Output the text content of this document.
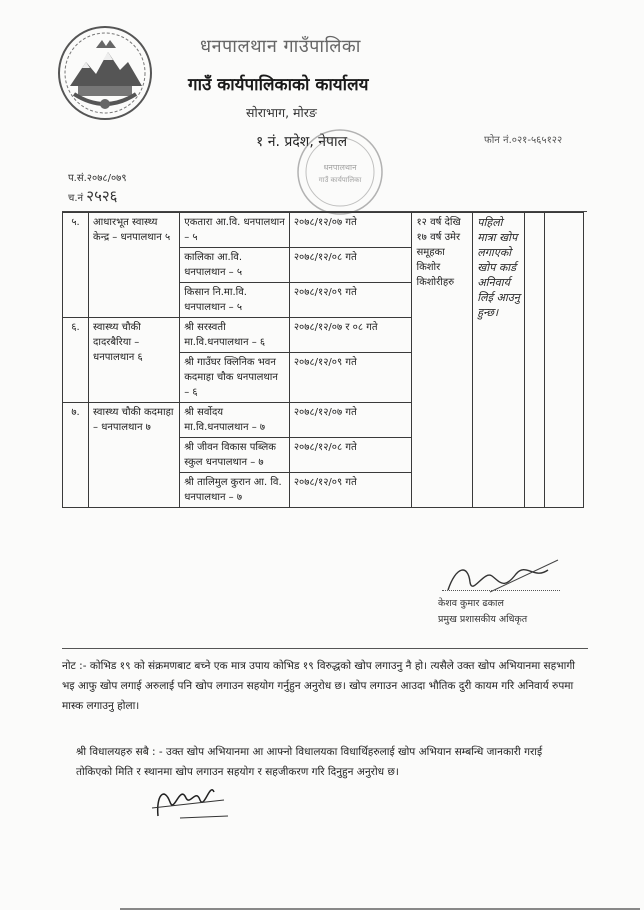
धनपालथान गाउँपालिका
गाउँ कार्यपालिकाको कार्यालय
सोराभाग, मोरङ
१ नं. प्रदेश, नेपाल	फोन नं.०२१-५६५१२२
धनपालथान
गाउँ कार्यपालिका
प.सं.२०७८/०७९
च.नं २५२६
५.	आधारभूत स्वास्थ्य केन्द्र – धनपालथान ५	एकतारा आ.वि. धनपालथान – ५	२०७८/१२/०७ गते	१२ वर्ष देखि १७ वर्ष उमेर समूहका किशोर किशोरीहरु	पहिलो मात्रा खोप लगाएको खोप कार्ड अनिवार्य लिई आउनु हुन्छ।		
		कालिका आ.वि. धनपालथान – ५	२०७८/१२/०८ गते				
		किसान नि.मा.वि. धनपालथान – ५	२०७८/१२/०९ गते				
६.	स्वास्थ्य चौकी दादरबैरिया – धनपालथान ६	श्री सरस्वती मा.वि.धनपालथान – ६	२०७८/१२/०७ र ०८ गते				
		श्री गाउँघर क्लिनिक भवन कदमाहा चौक धनपालथान – ६	२०७८/१२/०९ गते				
७.	स्वास्थ्य चौकी कदमाहा – धनपालथान ७	श्री सर्वोदय मा.वि.धनपालथान – ७	२०७८/१२/०७ गते				
		श्री जीवन विकास पब्लिक स्कुल धनपालथान – ७	२०७८/१२/०८ गते				
		श्री तालिमुल कुरान आ. वि. धनपालथान – ७	२०७८/१२/०९ गते				
केशव कुमार ढकाल
प्रमुख प्रशासकीय अधिकृत
नोट :- कोभिड १९ को संक्रमणबाट बच्ने एक मात्र उपाय कोभिड १९ विरुद्धको खोप लगाउनु नै हो। त्यसैले उक्त खोप अभियानमा सहभागी भइ आफु खोप लगाई अरुलाई पनि खोप लगाउन सहयोग गर्नुहुन अनुरोध छ। खोप लगाउन आउदा भौतिक दुरी कायम गरि अनिवार्य रुपमा मास्क लगाउनु होला।
श्री विधालयहरु सबै : - उक्त खोप अभियानमा आ आफ्नो विधालयका विधार्थिहरुलाई खोप अभियान सम्बन्धि जानकारी गराई तोकिएको मिति र स्थानमा खोप लगाउन सहयोग र सहजीकरण गरि दिनुहुन अनुरोध छ।
